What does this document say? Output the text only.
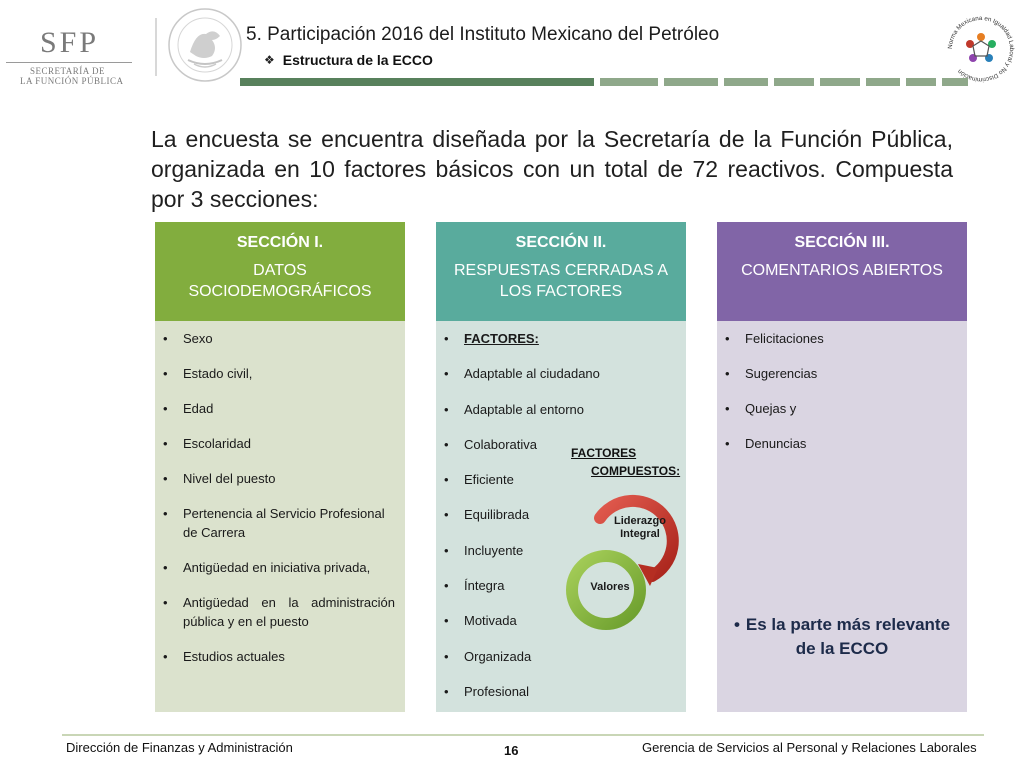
SFP
SECRETARÍA DE
LA FUNCIÓN PÚBLICA
5. Participación 2016 del Instituto Mexicano del Petróleo
❖ Estructura de la ECCO
Norma Mexicana en Igualdad Laboral y No Discriminación
La encuesta se encuentra diseñada por la Secretaría de la Función Pública, organizada en 10 factores básicos con un total de 72 reactivos. Compuesta por 3 secciones:
SECCIÓN I.
DATOS SOCIODEMOGRÁFICOS
• Sexo
• Estado civil,
• Edad
• Escolaridad
• Nivel del puesto
• Pertenencia al Servicio Profesional de Carrera
• Antigüedad en iniciativa privada,
• Antigüedad en la administración pública y en el puesto
• Estudios actuales
SECCIÓN II.
RESPUESTAS CERRADAS A LOS FACTORES
• FACTORES:
• Adaptable al ciudadano
• Adaptable al entorno
• Colaborativa
• Eficiente
• Equilibrada
• Incluyente
• Íntegra
• Motivada
• Organizada
• Profesional
FACTORES
COMPUESTOS:
Liderazgo Integral
Valores
SECCIÓN III.
COMENTARIOS ABIERTOS
• Felicitaciones
• Sugerencias
• Quejas y
• Denuncias
• Es la parte más relevante de la ECCO
Dirección de Finanzas y Administración	16	Gerencia de Servicios al Personal y Relaciones Laborales
